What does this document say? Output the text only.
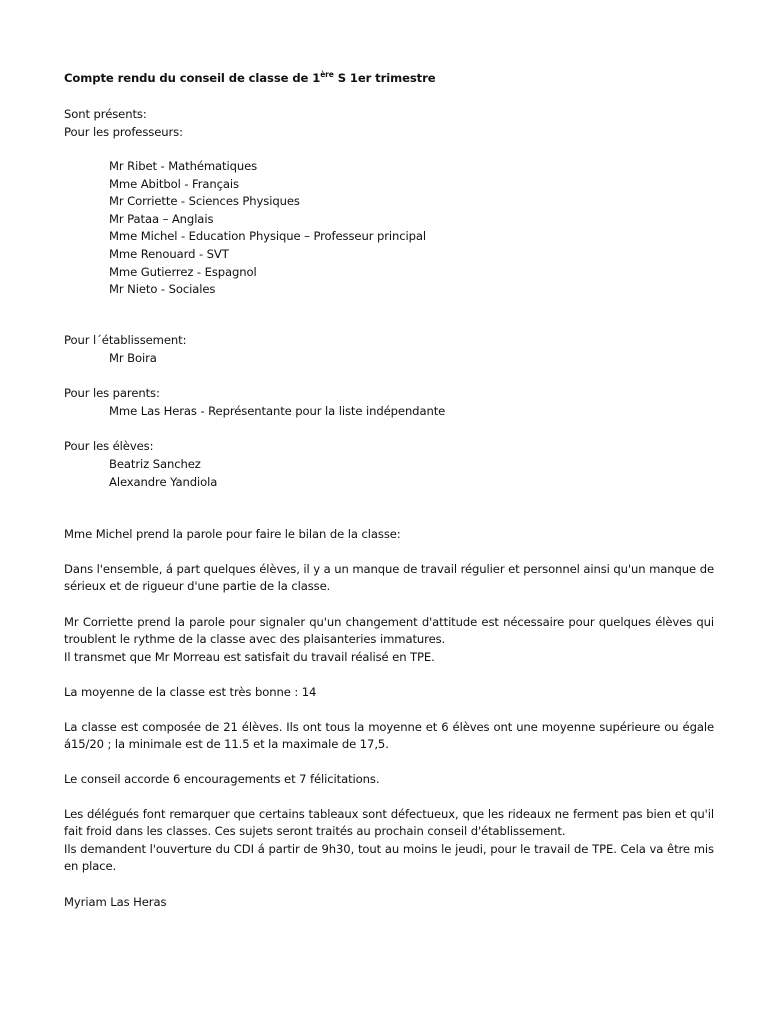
Compte rendu du conseil de classe de 1ère S 1er trimestre
Sont présents:
Pour les professeurs:
Mr Ribet - Mathématiques
Mme Abitbol - Français
Mr Corriette - Sciences Physiques
Mr Pataa – Anglais
Mme Michel - Education Physique – Professeur principal
Mme Renouard - SVT
Mme Gutierrez - Espagnol
Mr Nieto - Sociales
Pour l´établissement:
Mr Boira
Pour les parents:
Mme Las Heras - Représentante pour la liste indépendante
Pour les élèves:
Beatriz Sanchez
Alexandre Yandiola
Mme Michel prend la parole pour faire le bilan de la classe:
Dans l'ensemble, á part quelques élèves, il y a un manque de travail régulier et personnel ainsi qu'un manque de sérieux et de rigueur d'une partie de la classe.
Mr Corriette prend la parole pour signaler qu'un changement d'attitude est nécessaire pour quelques élèves qui troublent le rythme de la classe avec des plaisanteries immatures.
Il transmet que Mr Morreau est satisfait du travail réalisé en TPE.
La moyenne de la classe est très bonne : 14
La classe est composée de 21 élèves. Ils ont tous la moyenne et 6 élèves ont une moyenne supérieure ou égale á15/20 ; la minimale est de 11.5 et la maximale de 17,5.
Le conseil accorde 6 encouragements et 7 félicitations.
Les délégués font remarquer que certains tableaux sont défectueux, que les rideaux ne ferment pas bien et qu'il fait froid dans les classes. Ces sujets seront traités au prochain conseil d'établissement.
Ils demandent l'ouverture du CDI á partir de 9h30, tout au moins le jeudi, pour le travail de TPE. Cela va être mis en place.
Myriam Las Heras
